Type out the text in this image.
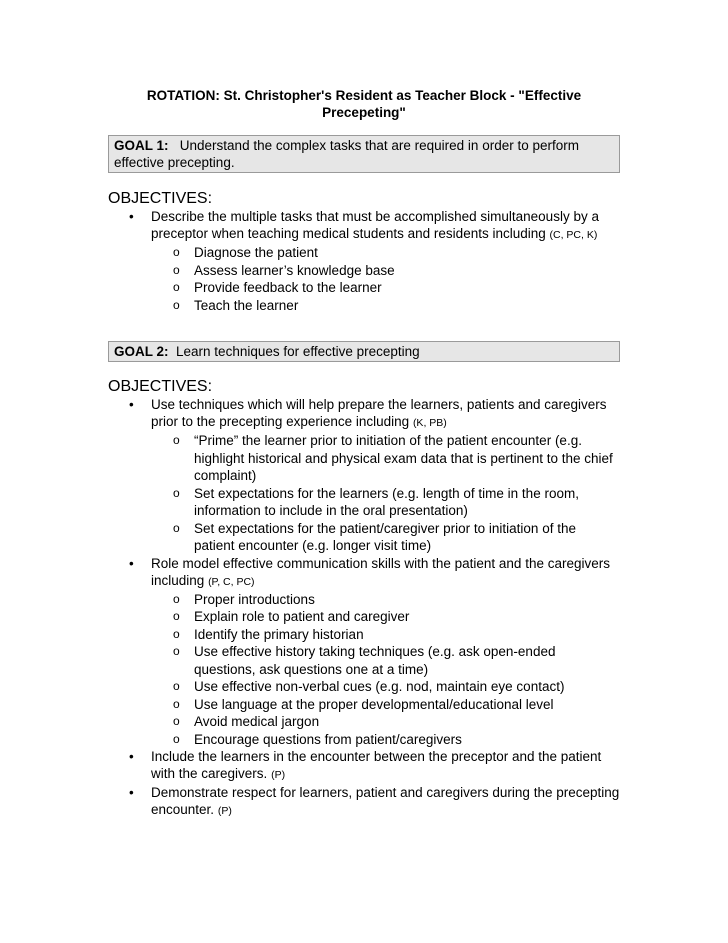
ROTATION: St. Christopher's Resident as Teacher Block - "Effective
Precepeting"
GOAL 1: Understand the complex tasks that are required in order to perform effective precepting.
OBJECTIVES:
• Describe the multiple tasks that must be accomplished simultaneously by a preceptor when teaching medical students and residents including (C, PC, K)
o Diagnose the patient
o Assess learner’s knowledge base
o Provide feedback to the learner
o Teach the learner
GOAL 2: Learn techniques for effective precepting
OBJECTIVES:
• Use techniques which will help prepare the learners, patients and caregivers prior to the precepting experience including (K, PB)
o “Prime” the learner prior to initiation of the patient encounter (e.g. highlight historical and physical exam data that is pertinent to the chief complaint)
o Set expectations for the learners (e.g. length of time in the room, information to include in the oral presentation)
o Set expectations for the patient/caregiver prior to initiation of the patient encounter (e.g. longer visit time)
• Role model effective communication skills with the patient and the caregivers including (P, C, PC)
o Proper introductions
o Explain role to patient and caregiver
o Identify the primary historian
o Use effective history taking techniques (e.g. ask open-ended questions, ask questions one at a time)
o Use effective non-verbal cues (e.g. nod, maintain eye contact)
o Use language at the proper developmental/educational level
o Avoid medical jargon
o Encourage questions from patient/caregivers
• Include the learners in the encounter between the preceptor and the patient with the caregivers. (P)
• Demonstrate respect for learners, patient and caregivers during the precepting encounter. (P)
